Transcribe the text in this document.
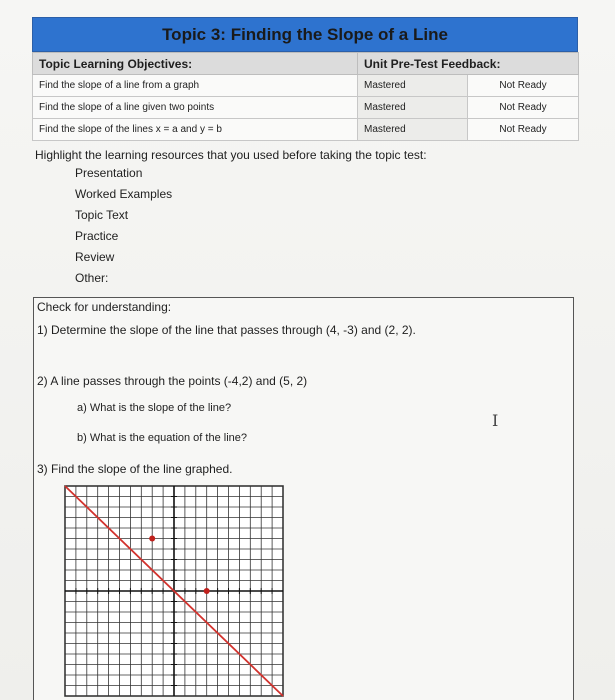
Topic 3: Finding the Slope of a Line
Topic Learning Objectives:	Unit Pre-Test Feedback:	
Find the slope of a line from a graph	Mastered	Not Ready
Find the slope of a line given two points	Mastered	Not Ready
Find the slope of the lines x = a and y = b	Mastered	Not Ready
Highlight the learning resources that you used before taking the topic test:
Presentation
Worked Examples
Topic Text
Practice
Review
Other:
Check for understanding:
1) Determine the slope of the line that passes through (4, -3) and (2, 2).
2) A line passes through the points (-4,2) and (5, 2)
a) What is the slope of the line?
b) What is the equation of the line?
3) Find the slope of the line graphed.
I
